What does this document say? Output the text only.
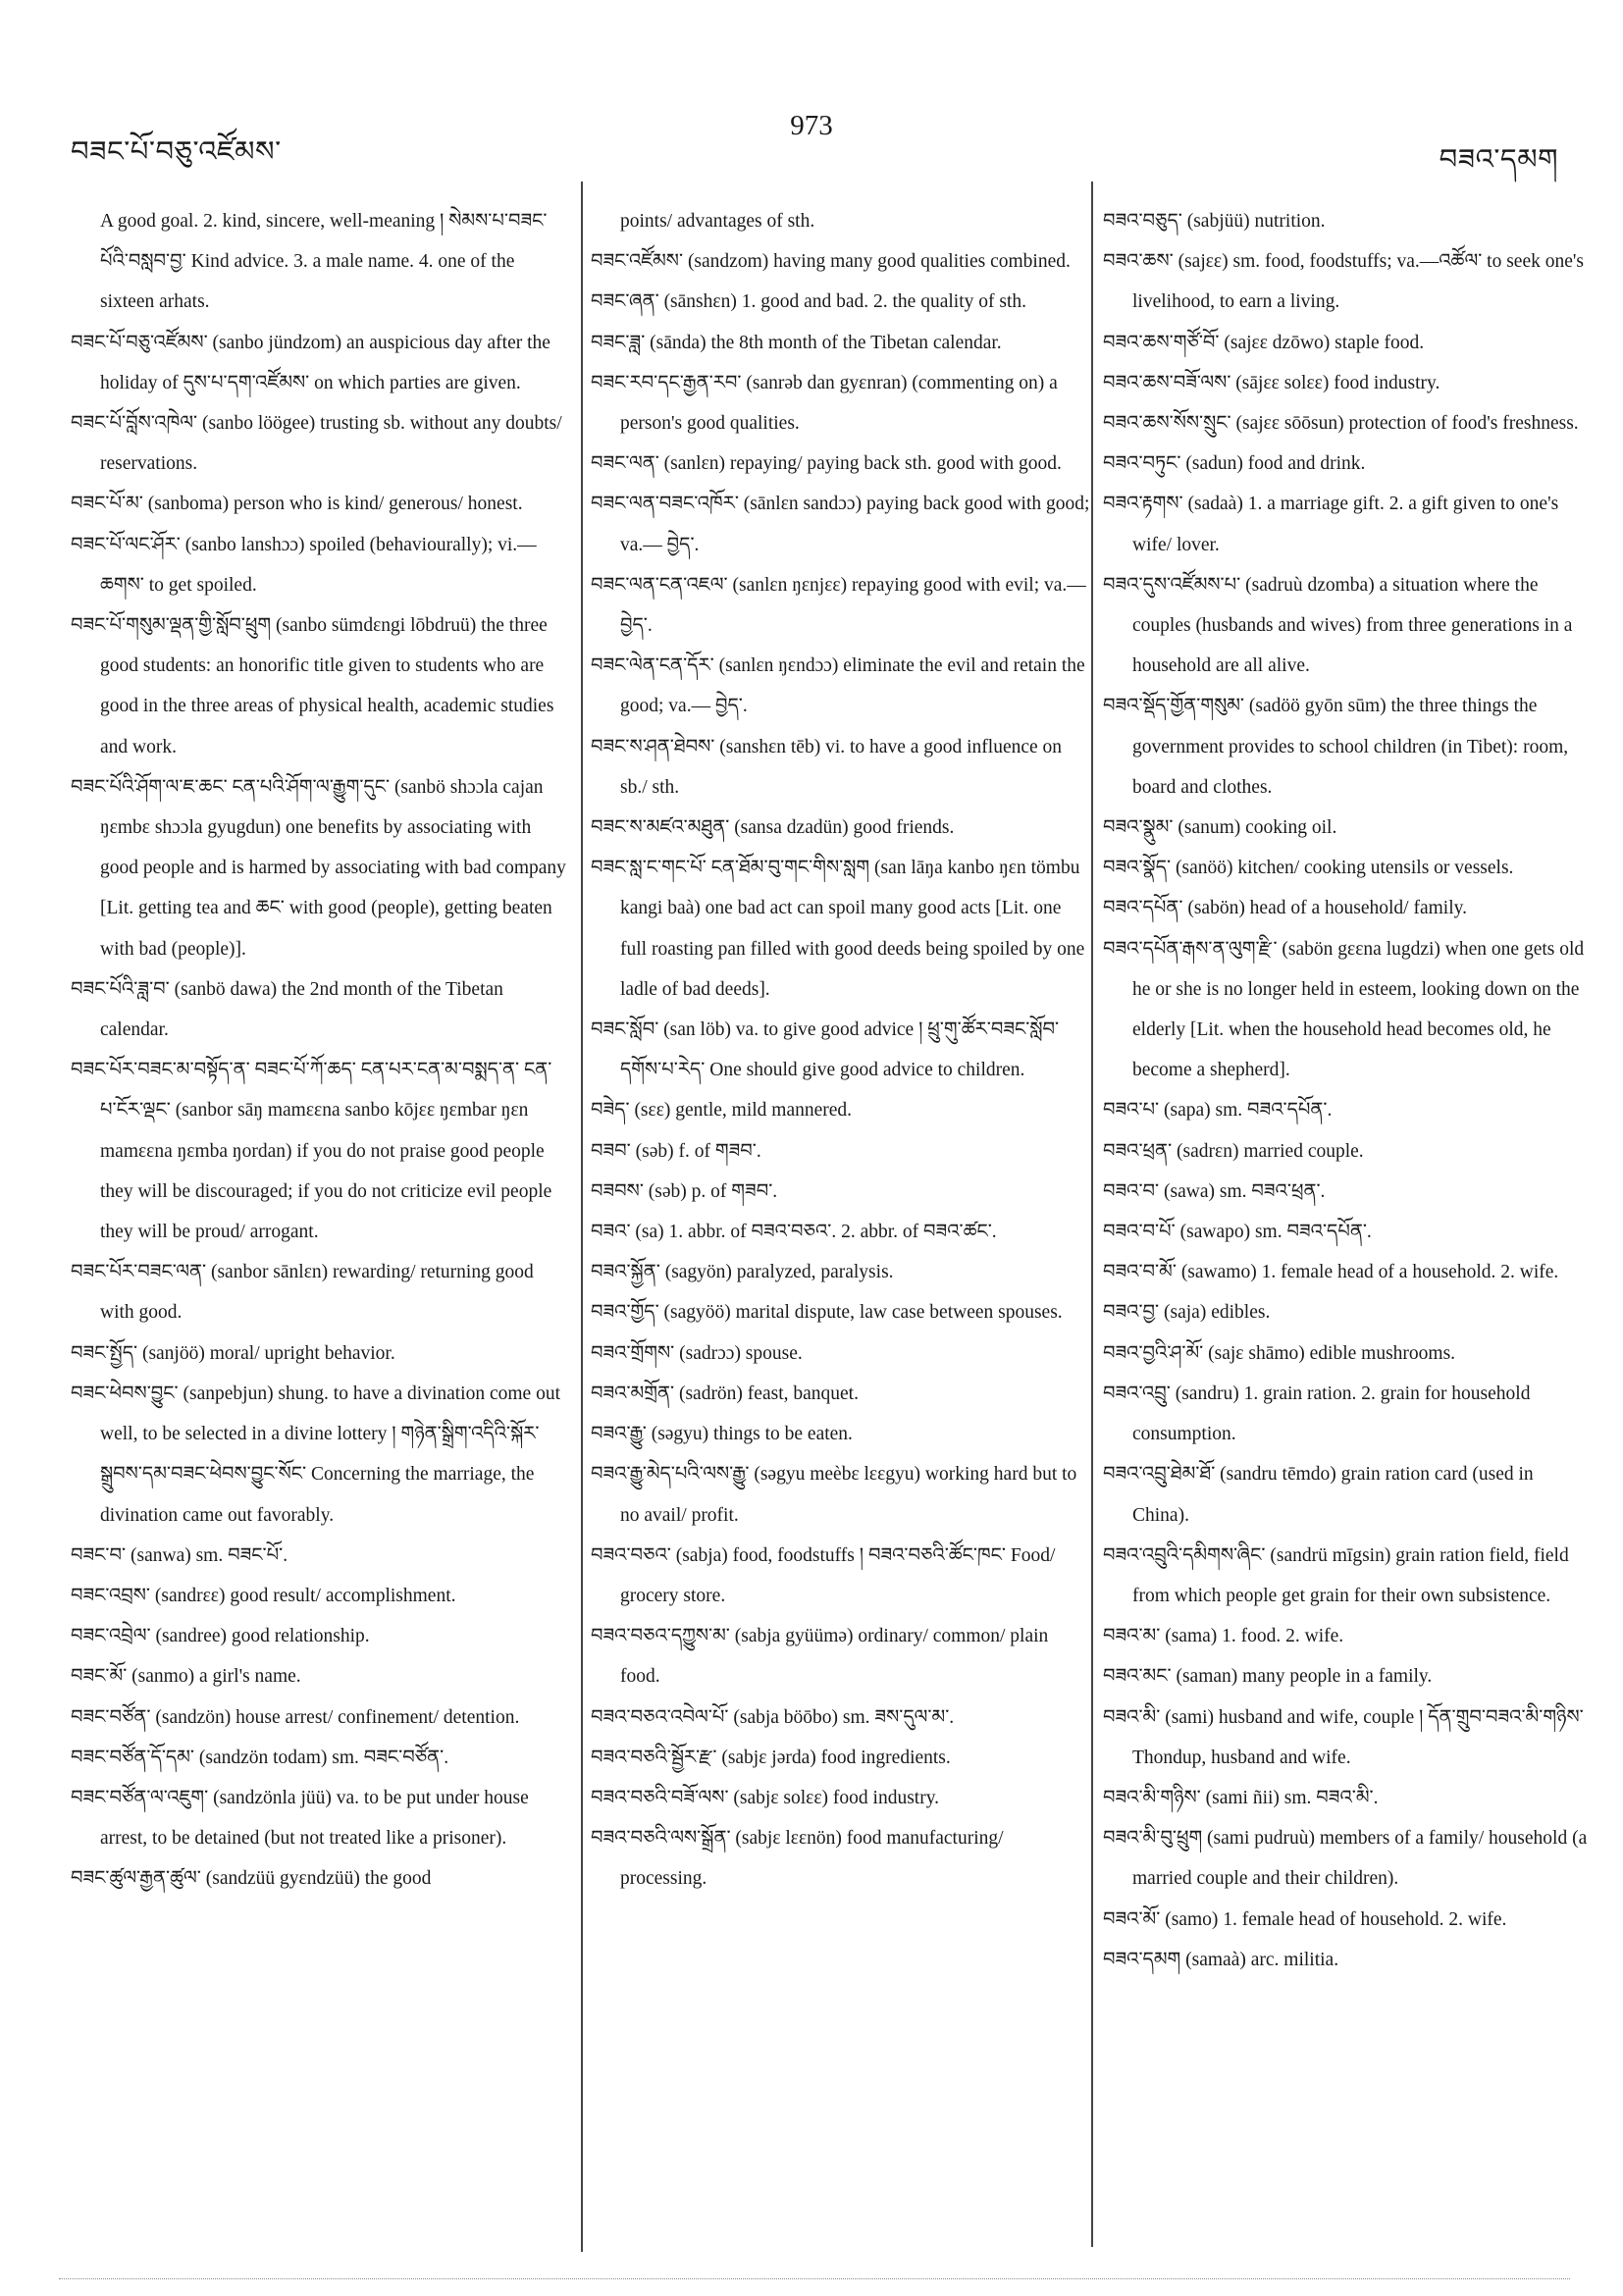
བཟང་པོ་བཅུ་འཛོམས་
973
བཟའ་དམག

A good goal. 2. kind, sincere, well-meaning ། སེམས་པ་བཟང་པོའི་བསླབ་བྱ་ Kind advice. 3. a male name. 4. one of the sixteen arhats.

བཟང་པོ་བཅུ་འཛོམས་ (sanbo jündzom) an auspicious day after the holiday of དུས་པ་དག་འཛོམས་ on which parties are given.

བཟང་པོ་བློས་འཁེལ་ (sanbo löögee) trusting sb. without any doubts/ reservations.

བཟང་པོ་མ་ (sanboma) person who is kind/ generous/ honest.

བཟང་པོ་ལང་ཤོར་ (sanbo lanshɔɔ) spoiled (behaviourally); vi.—ཆགས་ to get spoiled.

བཟང་པོ་གསུམ་ལྡན་གྱི་སློབ་ཕྲུག (sanbo sümdɛngi lōbdruü) the three good students: an honorific title given to students who are good in the three areas of physical health, academic studies and work.

བཟང་པོའི་ཤོག་ལ་ཇ་ཆང་ ངན་པའི་ཤོག་ལ་རྒྱུག་དུང་ (sanbö shɔɔla cajan ŋɛmbɛ shɔɔla gyugdun) one benefits by associating with good people and is harmed by associating with bad company [Lit. getting tea and ཆང་ with good (people), getting beaten with bad (people)].

བཟང་པོའི་ཟླ་བ་ (sanbö dawa) the 2nd month of the Tibetan calendar.

བཟང་པོར་བཟང་མ་བསྟོད་ན་ བཟང་པོ་ཀོ་ཆད་ ངན་པར་ངན་མ་བསྨད་ན་ ངན་པ་ངོར་ལྡང་ (sanbor sāŋ mamɛɛna sanbo kōjɛɛ ŋɛmbar ŋɛn mamɛɛna ŋɛmba ŋordan) if you do not praise good people they will be discouraged; if you do not criticize evil people they will be proud/ arrogant.

བཟང་པོར་བཟང་ལན་ (sanbor sānlɛn) rewarding/ returning good with good.

བཟང་སྤྱོད་ (sanjöö) moral/ upright behavior.

བཟང་ཕེབས་བྱུང་ (sanpebjun) shung. to have a divination come out well, to be selected in a divine lottery ། གཉེན་སྒྲིག་འདིའི་སྐོར་སྒྲུབས་དམ་བཟང་ཕེབས་བྱུང་སོང་ Concerning the marriage, the divination came out favorably.

བཟང་བ་ (sanwa) sm. བཟང་པོ་.

བཟང་འབྲས་ (sandrɛɛ) good result/ accomplishment.

བཟང་འབྲེལ་ (sandree) good relationship.

བཟང་མོ་ (sanmo) a girl's name.

བཟང་བཙོན་ (sandzön) house arrest/ confinement/ detention.

བཟང་བཙོན་དོ་དམ་ (sandzön todam) sm. བཟང་བཙོན་.

བཟང་བཙོན་ལ་འཇུག་ (sandzönla jüü) va. to be put under house arrest, to be detained (but not treated like a prisoner).

བཟང་ཚུལ་རྒྱན་ཚུལ་ (sandzüü gyɛndzüü) the good

points/ advantages of sth.

བཟང་འཛོམས་ (sandzom) having many good qualities combined.

བཟང་ཞན་ (sānshɛn) 1. good and bad. 2. the quality of sth.

བཟང་ཟླ་ (sānda) the 8th month of the Tibetan calendar.

བཟང་རབ་དང་རྒྱན་རབ་ (sanrəb dan gyɛnran) (commenting on) a person's good qualities.

བཟང་ལན་ (sanlɛn) repaying/ paying back sth. good with good.

བཟང་ལན་བཟང་འཁོར་ (sānlɛn sandɔɔ) paying back good with good; va.— བྱེད་.

བཟང་ལན་ངན་འཇལ་ (sanlɛn ŋɛnjɛɛ) repaying good with evil; va.— བྱེད་.

བཟང་ལེན་ངན་དོར་ (sanlɛn ŋɛndɔɔ) eliminate the evil and retain the good; va.— བྱེད་.

བཟང་ས་ཤན་ཐེབས་ (sanshɛn tēb) vi. to have a good influence on sb./ sth.

བཟང་ས་མཛའ་མཐུན་ (sansa dzadün) good friends.

བཟང་སླ་ང་གང་པོ་ ངན་ཐོམ་བུ་གང་གིས་སླག (san lāŋa kanbo ŋɛn tömbu kangi baà) one bad act can spoil many good acts [Lit. one full roasting pan filled with good deeds being spoiled by one ladle of bad deeds].

བཟང་སློབ་ (san löb) va. to give good advice ། ཕྲུ་གུ་ཚོར་བཟང་སློབ་དགོས་པ་རེད་ One should give good advice to children.

བཟེད་ (sɛɛ) gentle, mild mannered.

བཟབ་ (səb) f. of གཟབ་.

བཟབས་ (səb) p. of གཟབ་.

བཟའ་ (sa) 1. abbr. of བཟའ་བཅའ་. 2. abbr. of བཟའ་ཚང་.

བཟའ་སྐྱོན་ (sagyön) paralyzed, paralysis.

བཟའ་གྱོད་ (sagyöö) marital dispute, law case between spouses.

བཟའ་གྲོགས་ (sadrɔɔ) spouse.

བཟའ་མགྲོན་ (sadrön) feast, banquet.

བཟའ་རྒྱུ་ (səgyu) things to be eaten.

བཟའ་རྒྱུ་མེད་པའི་ལས་རྒྱུ་ (səgyu meèbɛ lɛɛgyu) working hard but to no avail/ profit.

བཟའ་བཅའ་ (sabja) food, foodstuffs ། བཟའ་བཅའི་ཚོང་ཁང་ Food/ grocery store.

བཟའ་བཅའ་དཀྱུས་མ་ (sabja gyüümə) ordinary/ common/ plain food.

བཟའ་བཅའ་འབེལ་པོ་ (sabja böōbo) sm. ཟས་དུལ་མ་.

བཟའ་བཅའི་སྦྱོར་རྫ་ (sabjɛ jərda) food ingredients.

བཟའ་བཅའི་བཟོ་ལས་ (sabjɛ solɛɛ) food industry.

བཟའ་བཅའི་ལས་སྒྲོན་ (sabjɛ lɛɛnön) food manufacturing/ processing.

བཟའ་བཅུད་ (sabjüü) nutrition.

བཟའ་ཆས་ (sajɛɛ) sm. food, foodstuffs; va.—འཚོལ་ to seek one's livelihood, to earn a living.

བཟའ་ཆས་གཙོ་བོ་ (sajɛɛ dzōwo) staple food.

བཟའ་ཆས་བཟོ་ལས་ (sājɛɛ solɛɛ) food industry.

བཟའ་ཆས་སོས་སྲུང་ (sajɛɛ sōōsun) protection of food's freshness.

བཟའ་བཏུང་ (sadun) food and drink.

བཟའ་རྟགས་ (sadaà) 1. a marriage gift. 2. a gift given to one's wife/ lover.

བཟའ་དུས་འཛོམས་པ་ (sadruù dzomba) a situation where the couples (husbands and wives) from three generations in a household are all alive.

བཟའ་སྡོད་གྱོན་གསུམ་ (sadöö gyōn sūm) the three things the government provides to school children (in Tibet): room, board and clothes.

བཟའ་སྣུམ་ (sanum) cooking oil.

བཟའ་སྣོད་ (sanöö) kitchen/ cooking utensils or vessels.

བཟའ་དཔོན་ (sabön) head of a household/ family.

བཟའ་དཔོན་རྒས་ན་ལུག་རྫི་ (sabön gɛɛna lugdzi) when one gets old he or she is no longer held in esteem, looking down on the elderly [Lit. when the household head becomes old, he become a shepherd].

བཟའ་པ་ (sapa) sm. བཟའ་དཔོན་.

བཟའ་ཕྲན་ (sadrɛn) married couple.

བཟའ་བ་ (sawa) sm. བཟའ་ཕྲན་.

བཟའ་བ་པོ་ (sawapo) sm. བཟའ་དཔོན་.

བཟའ་བ་མོ་ (sawamo) 1. female head of a household. 2. wife.

བཟའ་བྱ་ (saja) edibles.

བཟའ་བྱའི་ཤ་མོ་ (sajɛ shāmo) edible mushrooms.

བཟའ་འབྲུ་ (sandru) 1. grain ration. 2. grain for household consumption.

བཟའ་འབྲུ་ཐེམ་ཐོ་ (sandru tēmdo) grain ration card (used in China).

བཟའ་འབྲུའི་དམིགས་ཞིང་ (sandrü mīgsin) grain ration field, field from which people get grain for their own subsistence.

བཟའ་མ་ (sama) 1. food. 2. wife.

བཟའ་མང་ (saman) many people in a family.

བཟའ་མི་ (sami) husband and wife, couple ། དོན་གྲུབ་བཟའ་མི་གཉིས་ Thondup, husband and wife.

བཟའ་མི་གཉིས་ (sami ñii) sm. བཟའ་མི་.

བཟའ་མི་བུ་ཕྲུག (sami pudruù) members of a family/ household (a married couple and their children).

བཟའ་མོ་ (samo) 1. female head of household. 2. wife.

བཟའ་དམག (samaà) arc. militia.
